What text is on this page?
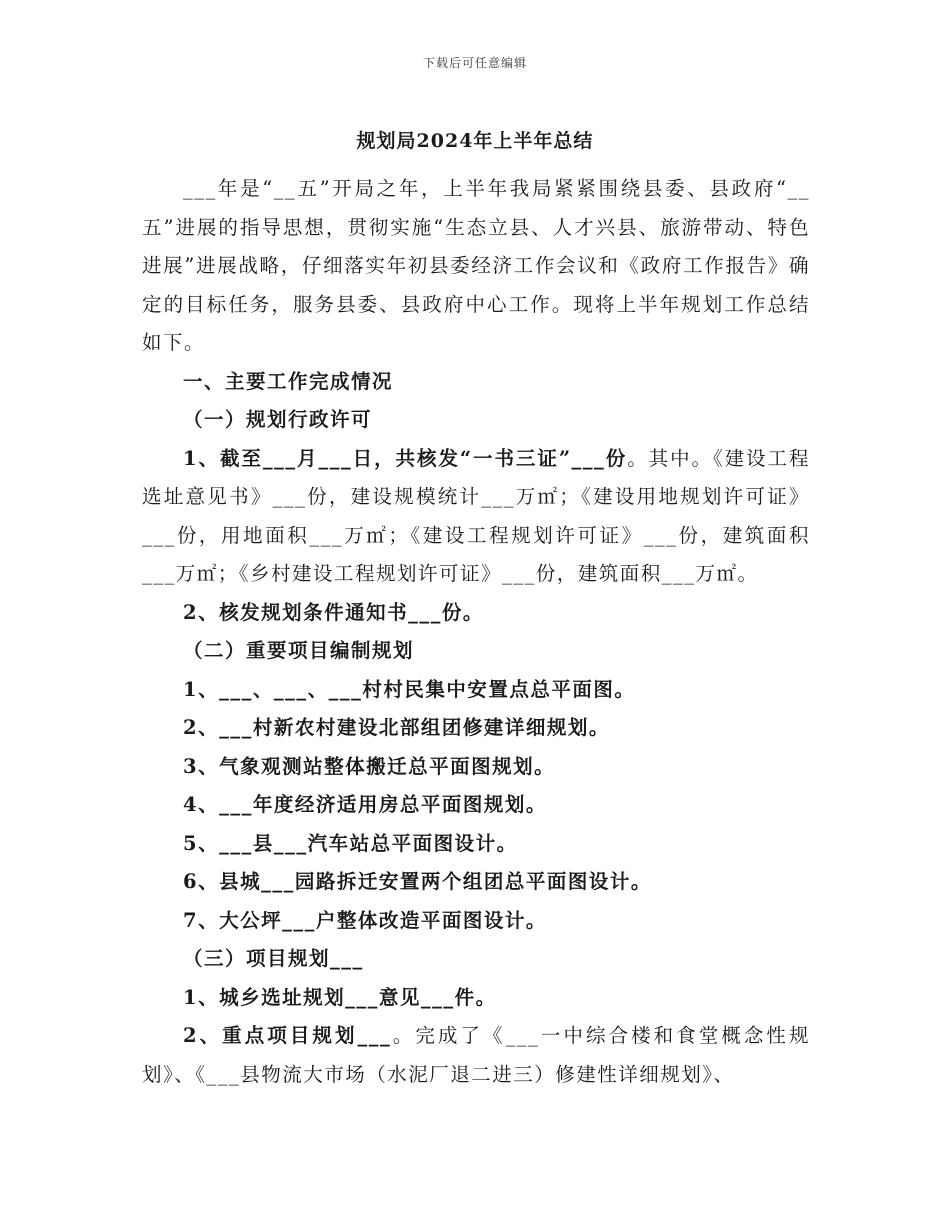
下载后可任意编辑
规划局2024年上半年总结

___年是“__五”开局之年，上半年我局紧紧围绕县委、县政府“__五”进展的指导思想，贯彻实施“生态立县、人才兴县、旅游带动、特色进展”进展战略，仔细落实年初县委经济工作会议和《政府工作报告》确定的目标任务，服务县委、县政府中心工作。现将上半年规划工作总结如下。

一、主要工作完成情况

（一）规划行政许可

1、截至___月___日，共核发“一书三证”___份。其中。《建设工程选址意见书》___份，建设规模统计___万㎡；《建设用地规划许可证》___份，用地面积___万㎡；《建设工程规划许可证》___份，建筑面积___万㎡；《乡村建设工程规划许可证》___份，建筑面积___万㎡。

2、核发规划条件通知书___份。

（二）重要项目编制规划

1、___、___、___村村民集中安置点总平面图。

2、___村新农村建设北部组团修建详细规划。

3、气象观测站整体搬迁总平面图规划。

4、___年度经济适用房总平面图规划。

5、___县___汽车站总平面图设计。

6、县城___园路拆迁安置两个组团总平面图设计。

7、大公坪___户整体改造平面图设计。

（三）项目规划___

1、城乡选址规划___意见___件。

2、重点项目规划___。完成了《___一中综合楼和食堂概念性规划》、《___县物流大市场（水泥厂退二进三）修建性详细规划》、
